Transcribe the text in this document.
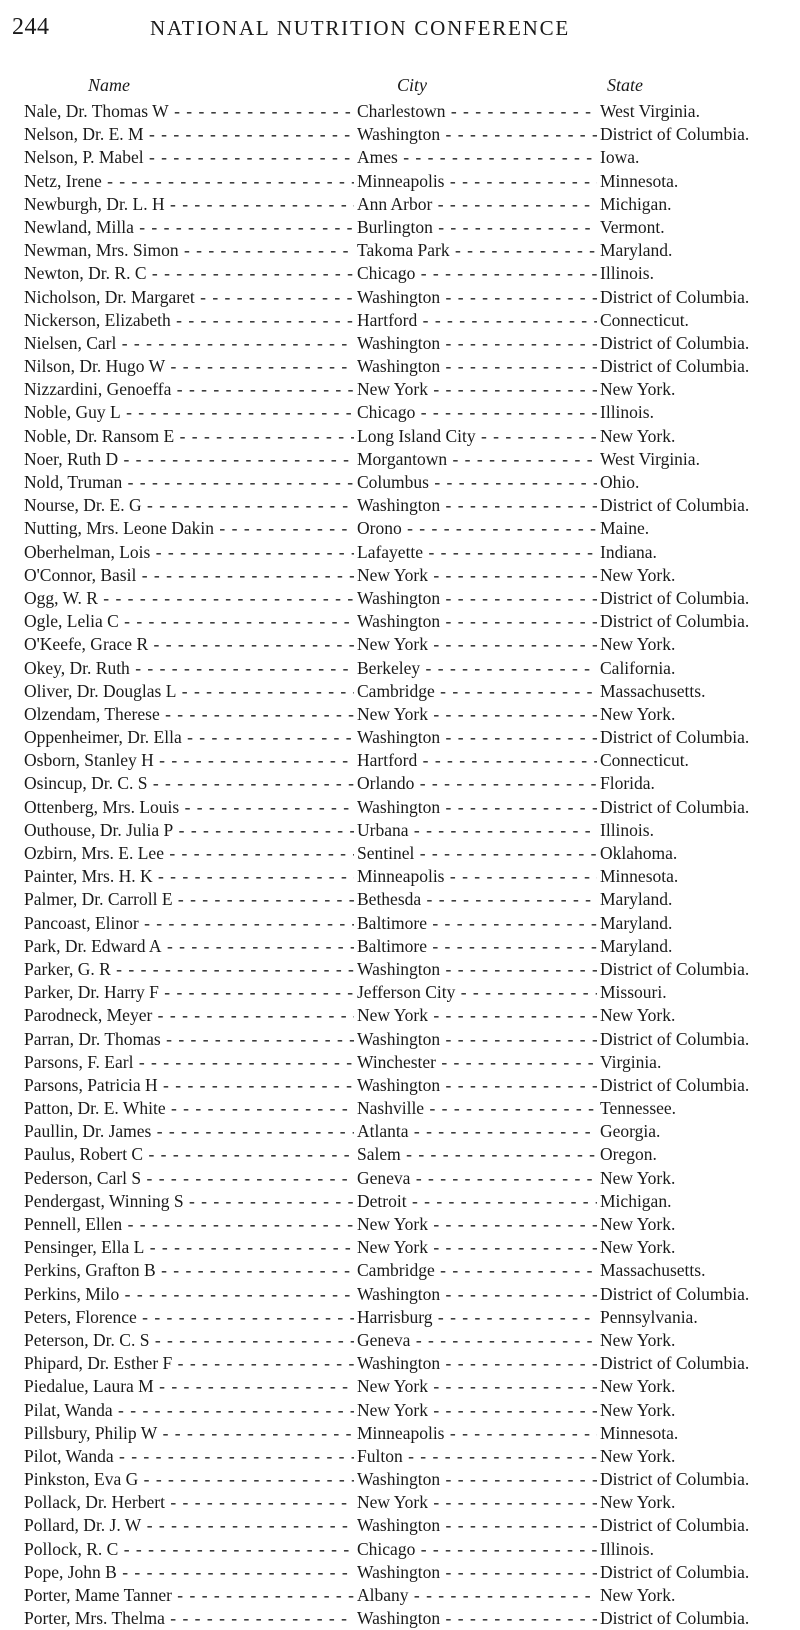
244	NATIONAL NUTRITION CONFERENCE
Name	City	State
Nale, Dr. Thomas W - - -	Charlestown - - -	West Virginia.
Nelson, Dr. E. M - - -	Washington - - -	District of Columbia.
Nelson, P. Mabel - - -	Ames - - -	Iowa.
Netz, Irene - - -	Minneapolis - - -	Minnesota.
Newburgh, Dr. L. H - - -	Ann Arbor - - -	Michigan.
Newland, Milla - - -	Burlington - - -	Vermont.
Newman, Mrs. Simon - - -	Takoma Park - - -	Maryland.
Newton, Dr. R. C - - -	Chicago - - -	Illinois.
Nicholson, Dr. Margaret - - -	Washington - - -	District of Columbia.
Nickerson, Elizabeth - - -	Hartford - - -	Connecticut.
Nielsen, Carl - - -	Washington - - -	District of Columbia.
Nilson, Dr. Hugo W - - -	Washington - - -	District of Columbia.
Nizzardini, Genoeffa - - -	New York - - -	New York.
Noble, Guy L - - -	Chicago - - -	Illinois.
Noble, Dr. Ransom E - - -	Long Island City - - -	New York.
Noer, Ruth D - - -	Morgantown - - -	West Virginia.
Nold, Truman - - -	Columbus - - -	Ohio.
Nourse, Dr. E. G - - -	Washington - - -	District of Columbia.
Nutting, Mrs. Leone Dakin - - -	Orono - - -	Maine.
Oberhelman, Lois - - -	Lafayette - - -	Indiana.
O'Connor, Basil - - -	New York - - -	New York.
Ogg, W. R - - -	Washington - - -	District of Columbia.
Ogle, Lelia C - - -	Washington - - -	District of Columbia.
O'Keefe, Grace R - - -	New York - - -	New York.
Okey, Dr. Ruth - - -	Berkeley - - -	California.
Oliver, Dr. Douglas L - - -	Cambridge - - -	Massachusetts.
Olzendam, Therese - - -	New York - - -	New York.
Oppenheimer, Dr. Ella - - -	Washington - - -	District of Columbia.
Osborn, Stanley H - - -	Hartford - - -	Connecticut.
Osincup, Dr. C. S - - -	Orlando - - -	Florida.
Ottenberg, Mrs. Louis - - -	Washington - - -	District of Columbia.
Outhouse, Dr. Julia P - - -	Urbana - - -	Illinois.
Ozbirn, Mrs. E. Lee - - -	Sentinel - - -	Oklahoma.
Painter, Mrs. H. K - - -	Minneapolis - - -	Minnesota.
Palmer, Dr. Carroll E - - -	Bethesda - - -	Maryland.
Pancoast, Elinor - - -	Baltimore - - -	Maryland.
Park, Dr. Edward A - - -	Baltimore - - -	Maryland.
Parker, G. R - - -	Washington - - -	District of Columbia.
Parker, Dr. Harry F - - -	Jefferson City - - -	Missouri.
Parodneck, Meyer - - -	New York - - -	New York.
Parran, Dr. Thomas - - -	Washington - - -	District of Columbia.
Parsons, F. Earl - - -	Winchester - - -	Virginia.
Parsons, Patricia H - - -	Washington - - -	District of Columbia.
Patton, Dr. E. White - - -	Nashville - - -	Tennessee.
Paullin, Dr. James - - -	Atlanta - - -	Georgia.
Paulus, Robert C - - -	Salem - - -	Oregon.
Pederson, Carl S - - -	Geneva - - -	New York.
Pendergast, Winning S - - -	Detroit - - -	Michigan.
Pennell, Ellen - - -	New York - - -	New York.
Pensinger, Ella L - - -	New York - - -	New York.
Perkins, Grafton B - - -	Cambridge - - -	Massachusetts.
Perkins, Milo - - -	Washington - - -	District of Columbia.
Peters, Florence - - -	Harrisburg - - -	Pennsylvania.
Peterson, Dr. C. S - - -	Geneva - - -	New York.
Phipard, Dr. Esther F - - -	Washington - - -	District of Columbia.
Piedalue, Laura M - - -	New York - - -	New York.
Pilat, Wanda - - -	New York - - -	New York.
Pillsbury, Philip W - - -	Minneapolis - - -	Minnesota.
Pilot, Wanda - - -	Fulton - - -	New York.
Pinkston, Eva G - - -	Washington - - -	District of Columbia.
Pollack, Dr. Herbert - - -	New York - - -	New York.
Pollard, Dr. J. W - - -	Washington - - -	District of Columbia.
Pollock, R. C - - -	Chicago - - -	Illinois.
Pope, John B - - -	Washington - - -	District of Columbia.
Porter, Mame Tanner - - -	Albany - - -	New York.
Porter, Mrs. Thelma - - -	Washington - - -	District of Columbia.
